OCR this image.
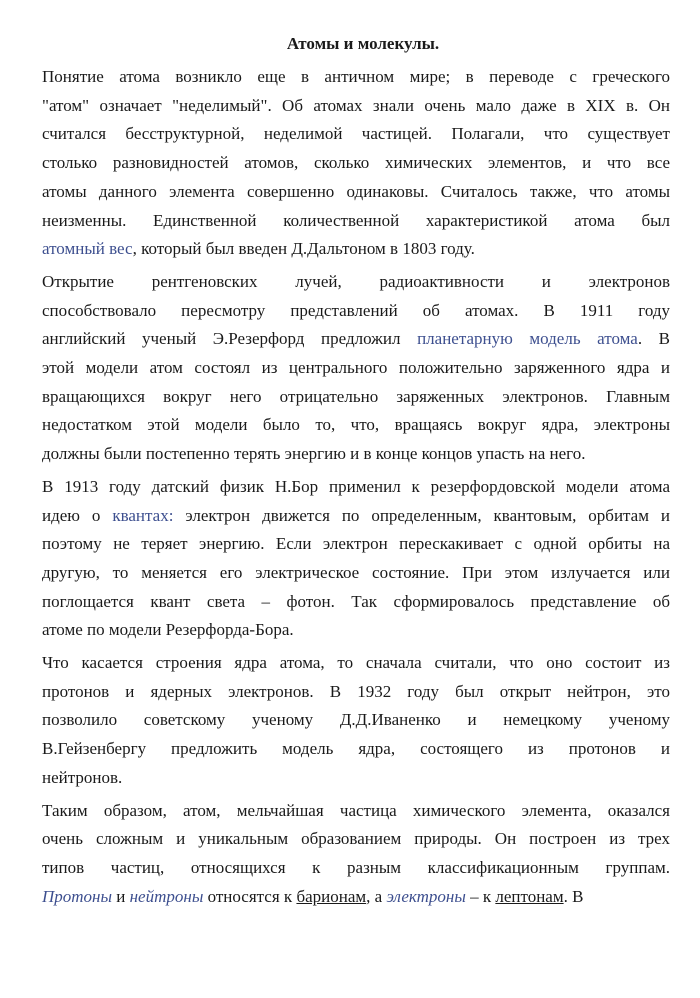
Атомы и молекулы.
Понятие атома возникло еще в античном мире; в переводе с греческого
"атом" означает "неделимый". Об атомах знали очень мало даже в XIX в. Он
считался бесструктурной, неделимой частицей. Полагали, что существует
столько разновидностей атомов, сколько химических элементов, и что все
атомы данного элемента совершенно одинаковы. Считалось также, что атомы
неизменны. Единственной количественной характеристикой атома был
атомный вес, который был введен Д.Дальтоном в 1803 году.
Открытие рентгеновских лучей, радиоактивности и электронов
способствовало пересмотру представлений об атомах. В 1911 году
английский ученый Э.Резерфорд предложил планетарную модель атома. В
этой модели атом состоял из центрального положительно заряженного ядра и
вращающихся вокруг него отрицательно заряженных электронов. Главным
недостатком этой модели было то, что, вращаясь вокруг ядра, электроны
должны были постепенно терять энергию и в конце концов упасть на него.
В 1913 году датский физик Н.Бор применил к резерфордовской модели атома
идею о квантах: электрон движется по определенным, квантовым, орбитам и
поэтому не теряет энергию. Если электрон перескакивает с одной орбиты на
другую, то меняется его электрическое состояние. При этом излучается или
поглощается квант света – фотон. Так сформировалось представление об
атоме по модели Резерфорда-Бора.
Что касается строения ядра атома, то сначала считали, что оно состоит из
протонов и ядерных электронов. В 1932 году был открыт нейтрон, это
позволило советскому ученому Д.Д.Иваненко и немецкому ученому
В.Гейзенбергу предложить модель ядра, состоящего из протонов и
нейтронов.
Таким образом, атом, мельчайшая частица химического элемента, оказался
очень сложным и уникальным образованием природы. Он построен из трех
типов частиц, относящихся к разным классификационным группам.
Протоны и нейтроны относятся к барионам, а электроны – к лептонам. В
